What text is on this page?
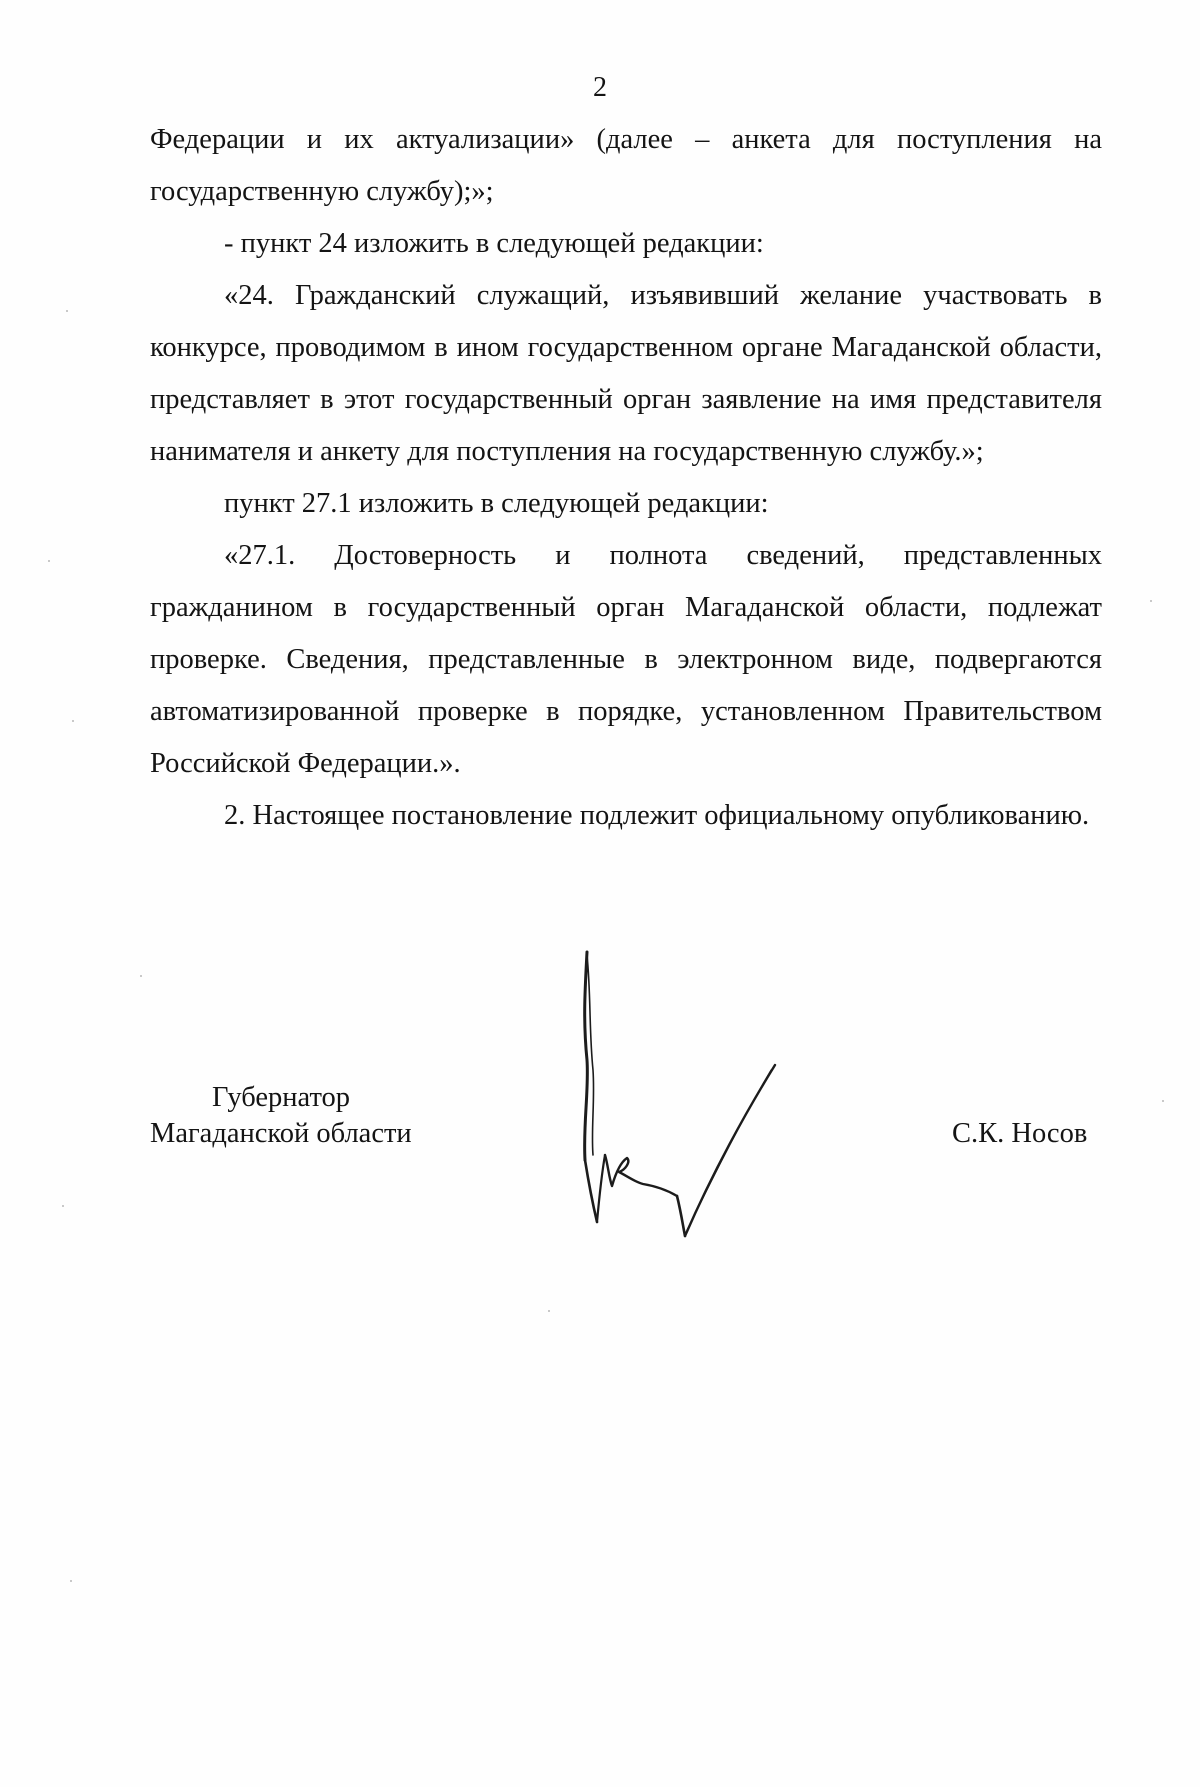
2

Федерации и их актуализации» (далее – анкета для поступления на государственную службу);»;

- пункт 24 изложить в следующей редакции:

«24. Гражданский служащий, изъявивший желание участвовать в конкурсе, проводимом в ином государственном органе Магаданской области, представляет в этот государственный орган заявление на имя представителя нанимателя и анкету для поступления на государственную службу.»;

пункт 27.1 изложить в следующей редакции:

«27.1. Достоверность и полнота сведений, представленных гражданином в государственный орган Магаданской области, подлежат проверке. Сведения, представленные в электронном виде, подвергаются автоматизированной проверке в порядке, установленном Правительством Российской Федерации.».

2. Настоящее постановление подлежит официальному опубликованию.

Губернатор
Магаданской области	С.К. Носов
